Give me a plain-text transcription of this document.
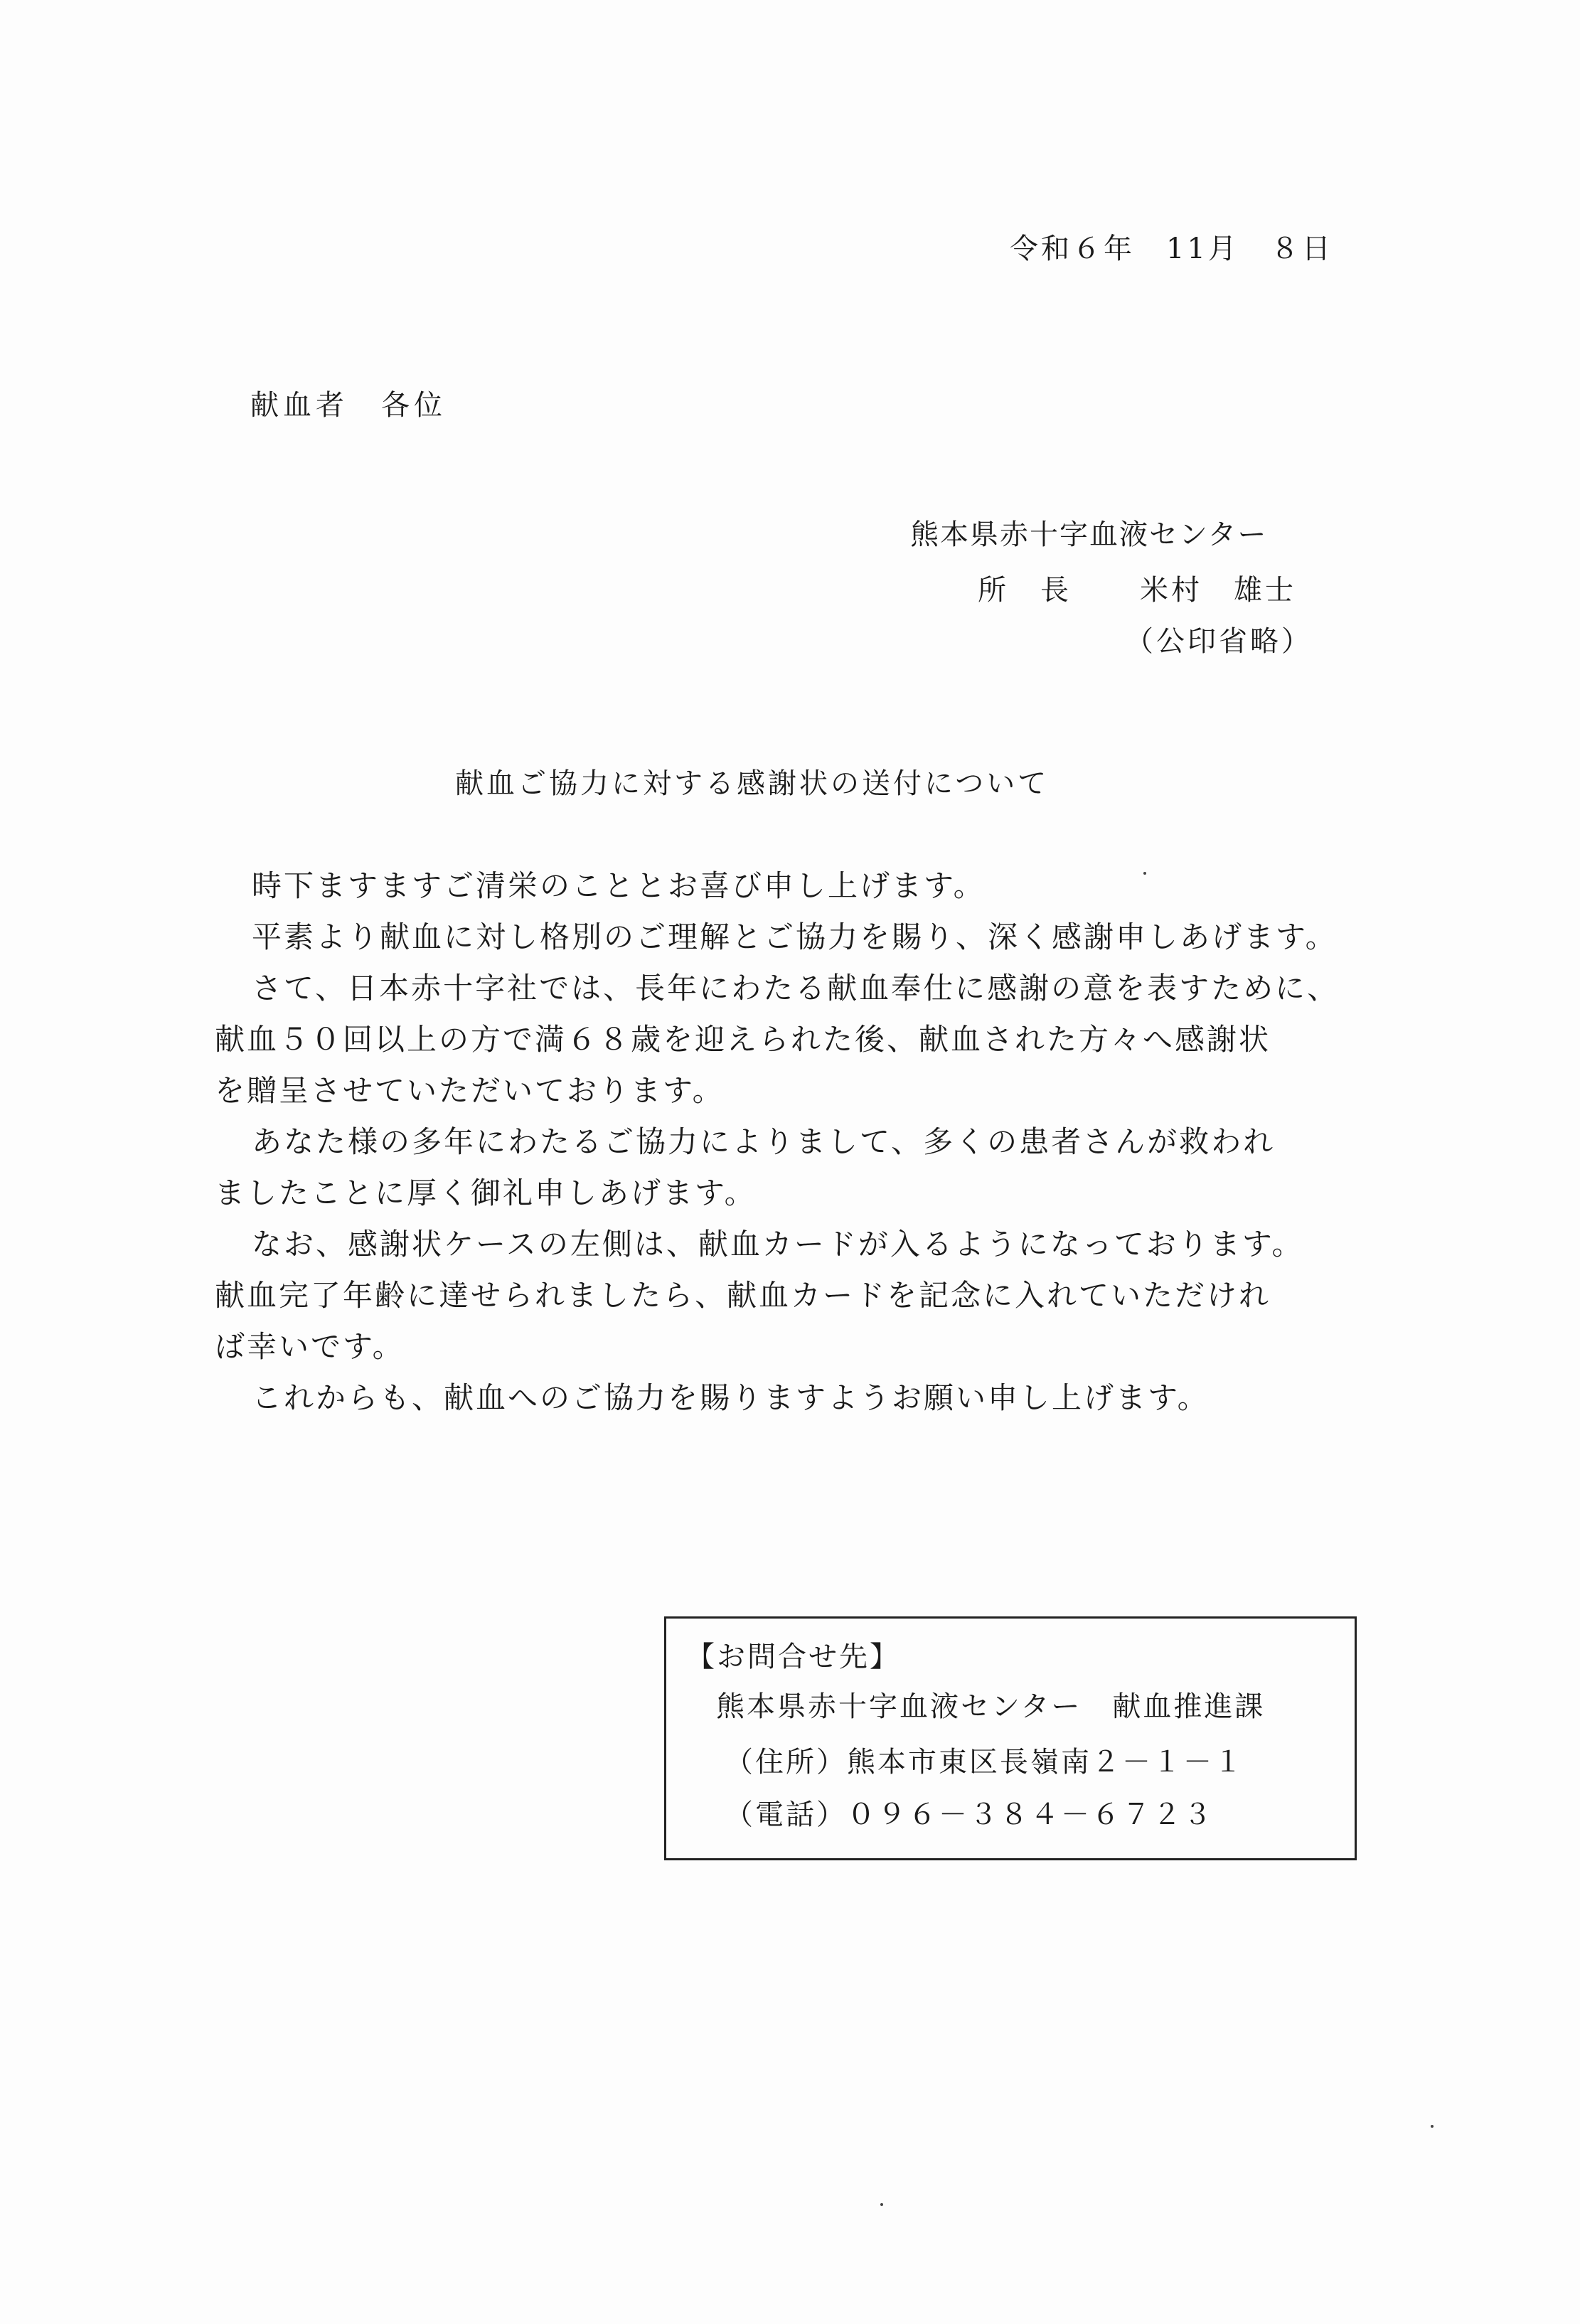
令和６年　11月　８日
献血者　各位
熊本県赤十字血液センター
所　長 米村　雄士
（公印省略）
献血ご協力に対する感謝状の送付について

時下ますますご清栄のこととお喜び申し上げます。

平素より献血に対し格別のご理解とご協力を賜り、深く感謝申しあげます。

さて、日本赤十字社では、長年にわたる献血奉仕に感謝の意を表すために、

献血５０回以上の方で満６８歳を迎えられた後、献血された方々へ感謝状

を贈呈させていただいております。

あなた様の多年にわたるご協力によりまして、多くの患者さんが救われ

ましたことに厚く御礼申しあげます。

なお、感謝状ケースの左側は、献血カードが入るようになっております。

献血完了年齢に達せられましたら、献血カードを記念に入れていただけれ

ば幸いです。

これからも、献血へのご協力を賜りますようお願い申し上げます。

【お問合せ先】
熊本県赤十字血液センター　献血推進課
（住所）熊本市東区長嶺南２－１－１
（電話）０９６－３８４－６７２３
